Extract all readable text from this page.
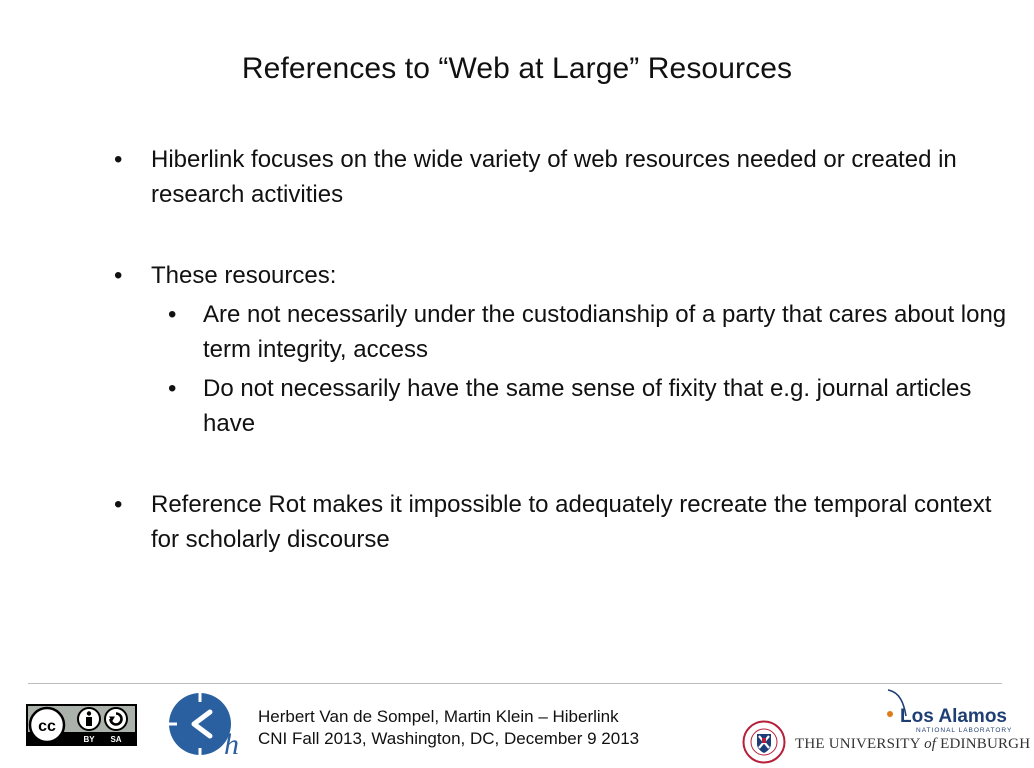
References to “Web at Large” Resources
• Hiberlink focuses on the wide variety of web resources needed or created in research activities
• These resources:
• Are not necessarily under the custodianship of a party that cares about long term integrity, access
• Do not necessarily have the same sense of fixity that e.g. journal articles have
• Reference Rot makes it impossible to adequately recreate the temporal context for scholarly discourse
cc
BY SA	h
Herbert Van de Sompel, Martin Klein – Hiberlink
CNI Fall 2013, Washington, DC, December 9 2013
Los Alamos
NATIONAL LABORATORY
THE UNIVERSITY of EDINBURGH
